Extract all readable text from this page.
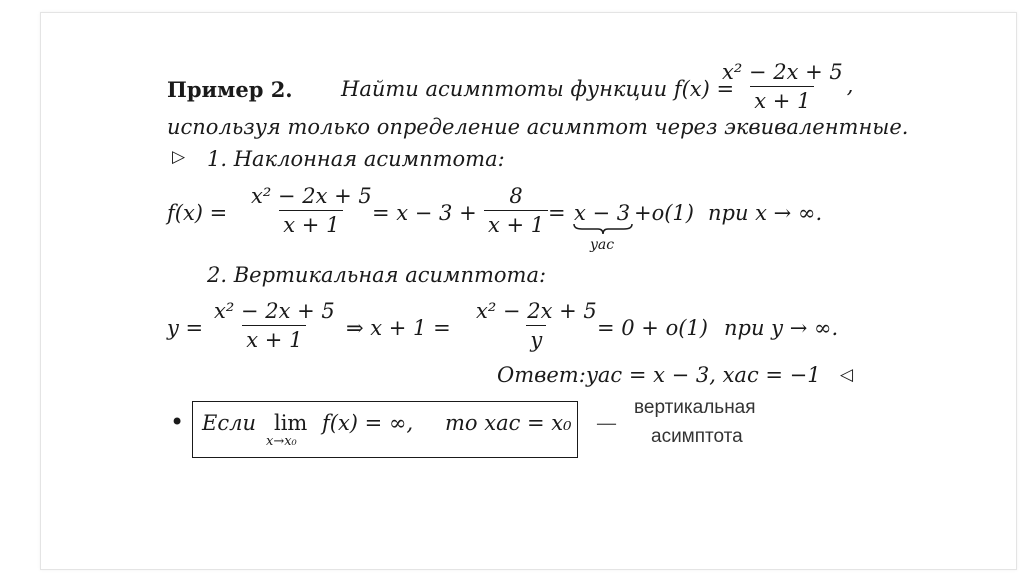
Пример 2. Найти асимптоты функции f(x) =
$\frac{\text{x² − 2x + 5}}{x + 1}$ ,
используя только определение асимптот через эквивалентные.
▷ 1. Наклонная асимптота:
$f(x) = \frac{\text{x² − 2x + 5}}{x + 1}$
= $x - 3 + \frac{8}{x + 1} = x - 3$
yас
+o(1) при x → ∞.
2. Вертикальная асимптота:
$y = \frac{\text{x² − 2x + 5}}{x + 1}$ ⇒ $x + 1 = \frac{\text{x² − 2x + 5}}{y}$
= 0 + o(1) при y → ∞.
Ответ: yac = x − 3, xac = −1 ◁
• Если lim
x→x₀
f(x) = ∞, то xac = x₀ —
вертикальная
асимптота
